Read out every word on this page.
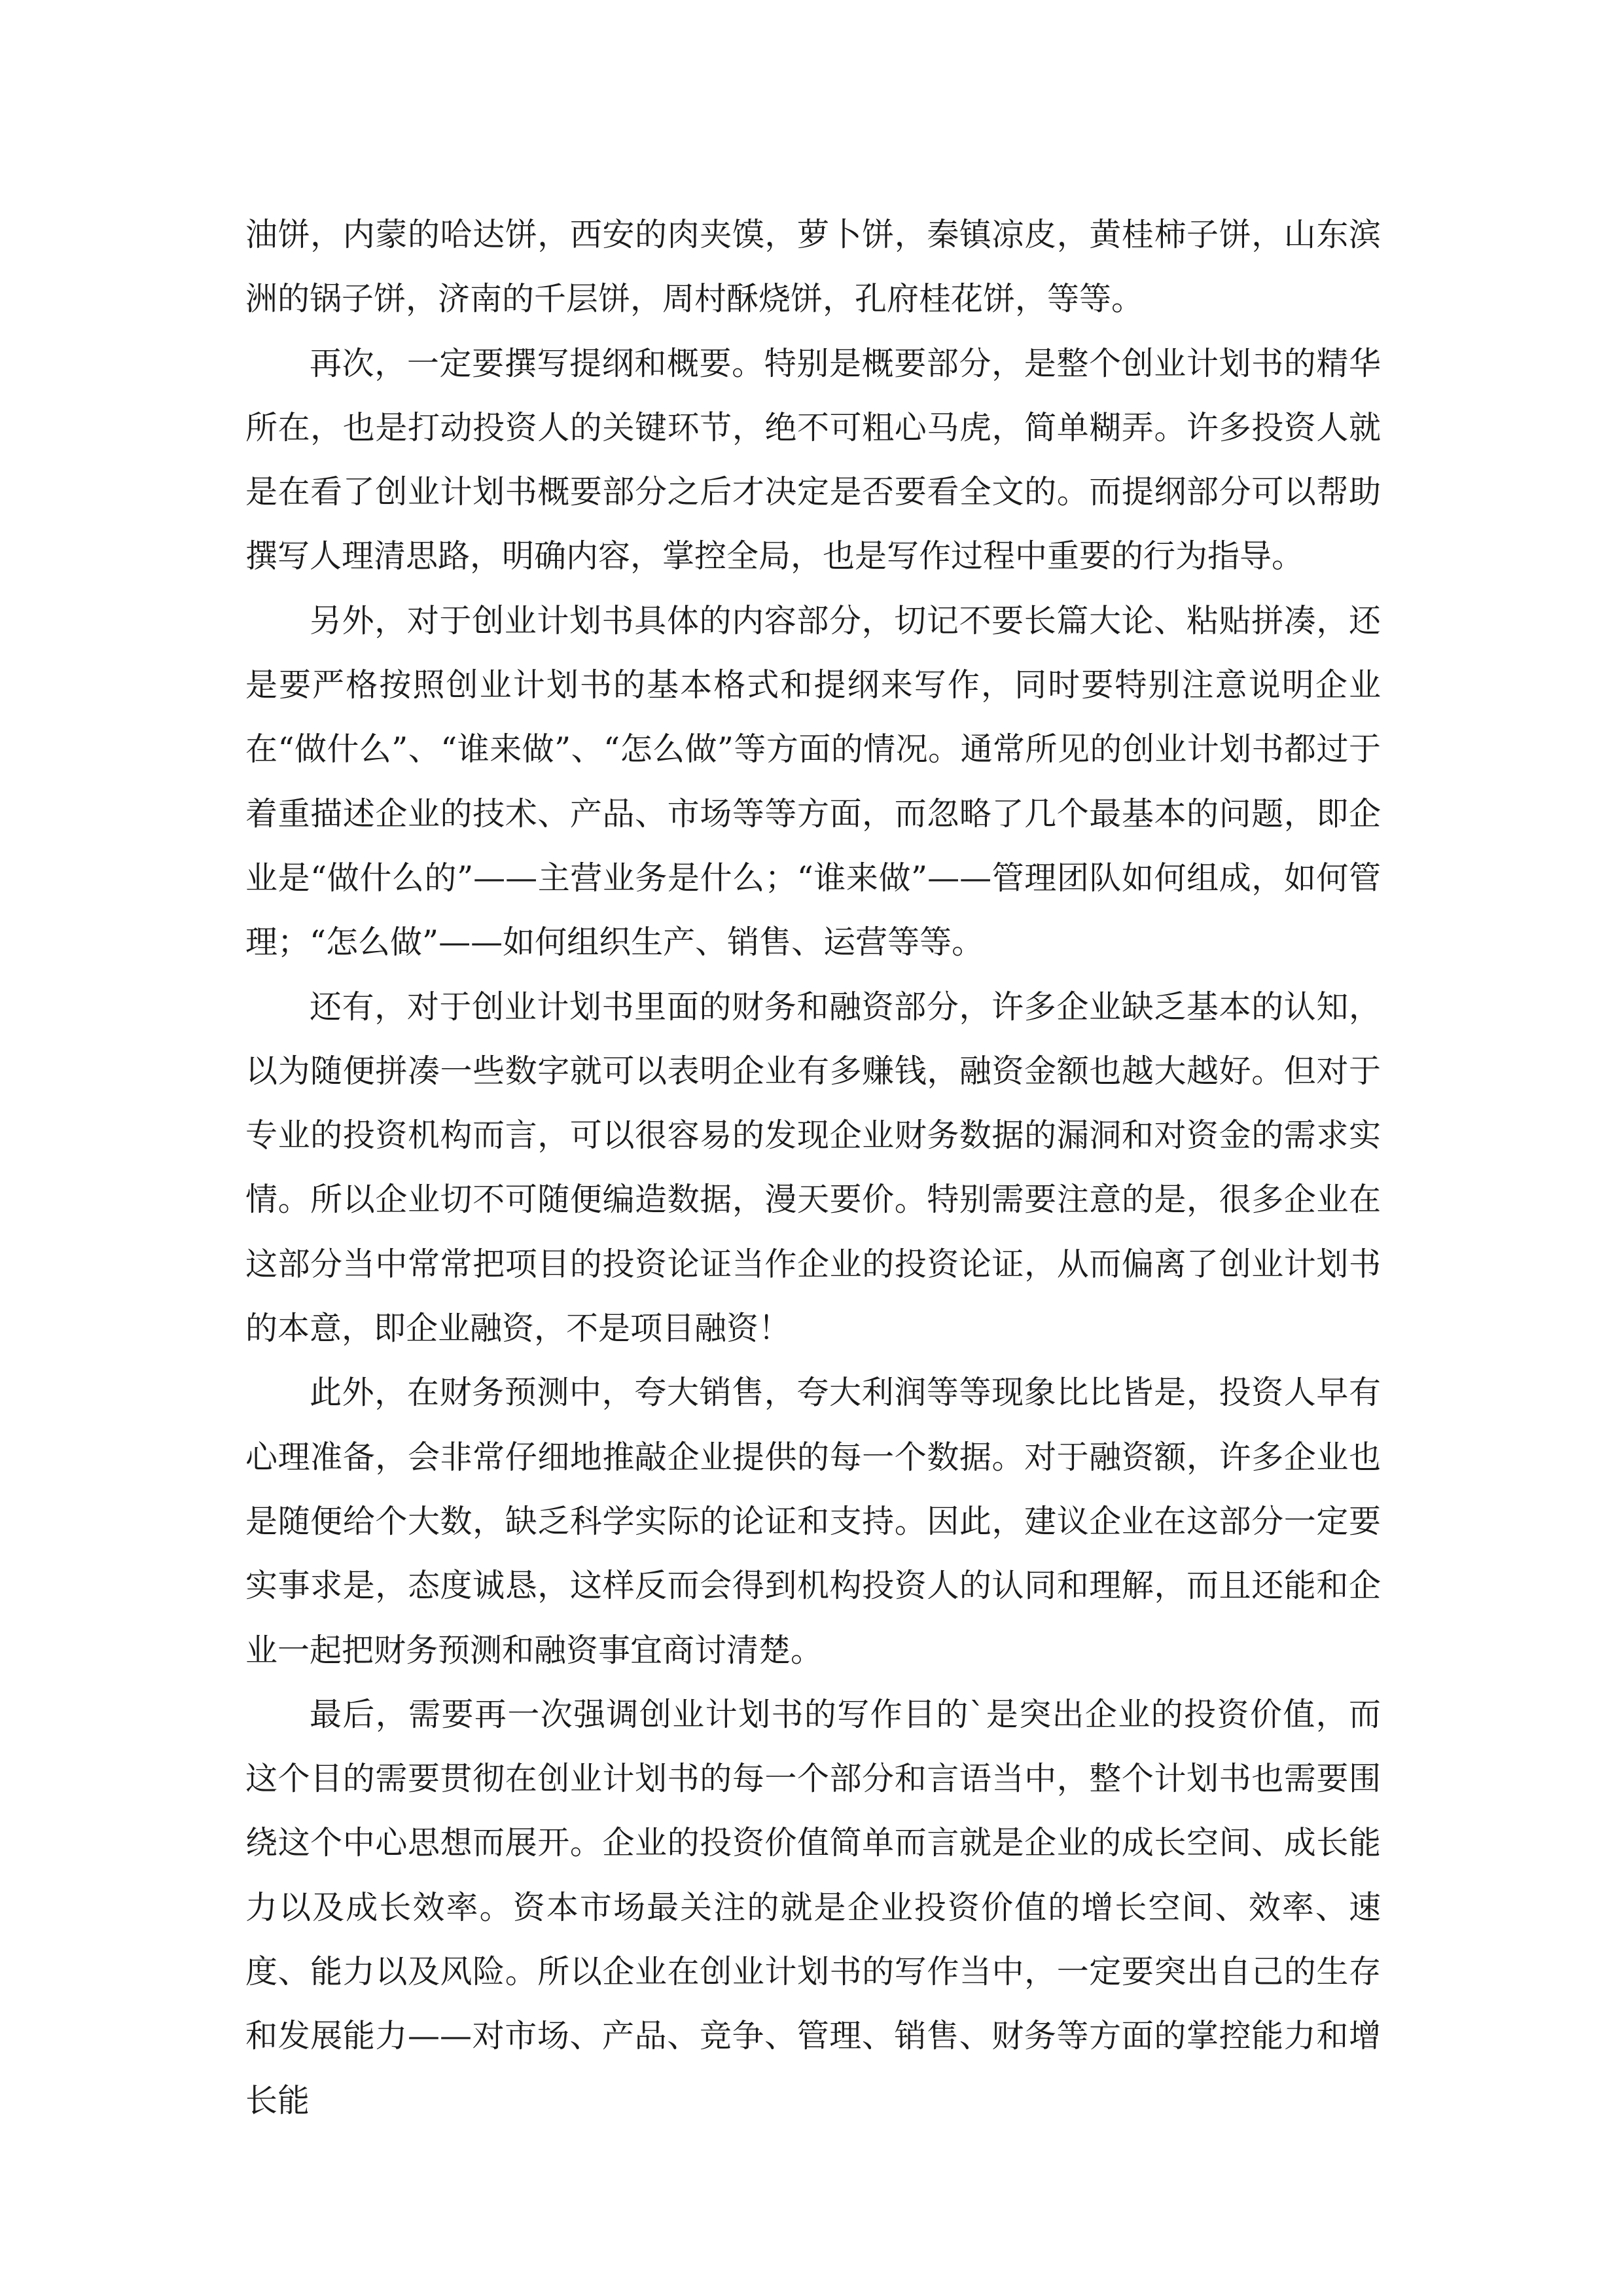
油饼，内蒙的哈达饼，西安的肉夹馍，萝卜饼，秦镇凉皮，黄桂柿子饼，山东滨洲的锅子饼，济南的千层饼，周村酥烧饼，孔府桂花饼，等等。

再次，一定要撰写提纲和概要。特别是概要部分，是整个创业计划书的精华所在，也是打动投资人的关键环节，绝不可粗心马虎，简单糊弄。许多投资人就是在看了创业计划书概要部分之后才决定是否要看全文的。而提纲部分可以帮助撰写人理清思路，明确内容，掌控全局，也是写作过程中重要的行为指导。

另外，对于创业计划书具体的内容部分，切记不要长篇大论、粘贴拼凑，还是要严格按照创业计划书的基本格式和提纲来写作，同时要特别注意说明企业在“做什么”、“谁来做”、“怎么做”等方面的情况。通常所见的创业计划书都过于着重描述企业的技术、产品、市场等等方面，而忽略了几个最基本的问题，即企业是“做什么的”——主营业务是什么；“谁来做”——管理团队如何组成，如何管理；“怎么做”——如何组织生产、销售、运营等等。

还有，对于创业计划书里面的财务和融资部分，许多企业缺乏基本的认知，以为随便拼凑一些数字就可以表明企业有多赚钱，融资金额也越大越好。但对于专业的投资机构而言，可以很容易的发现企业财务数据的漏洞和对资金的需求实情。所以企业切不可随便编造数据，漫天要价。特别需要注意的是，很多企业在这部分当中常常把项目的投资论证当作企业的投资论证，从而偏离了创业计划书的本意，即企业融资，不是项目融资！

此外，在财务预测中，夸大销售，夸大利润等等现象比比皆是，投资人早有心理准备，会非常仔细地推敲企业提供的每一个数据。对于融资额，许多企业也是随便给个大数，缺乏科学实际的论证和支持。因此，建议企业在这部分一定要实事求是，态度诚恳，这样反而会得到机构投资人的认同和理解，而且还能和企业一起把财务预测和融资事宜商讨清楚。

最后，需要再一次强调创业计划书的写作目的`是突出企业的投资价值，而这个目的需要贯彻在创业计划书的每一个部分和言语当中，整个计划书也需要围绕这个中心思想而展开。企业的投资价值简单而言就是企业的成长空间、成长能力以及成长效率。资本市场最关注的就是企业投资价值的增长空间、效率、速度、能力以及风险。所以企业在创业计划书的写作当中，一定要突出自己的生存和发展能力——对市场、产品、竞争、管理、销售、财务等方面的掌控能力和增长能
